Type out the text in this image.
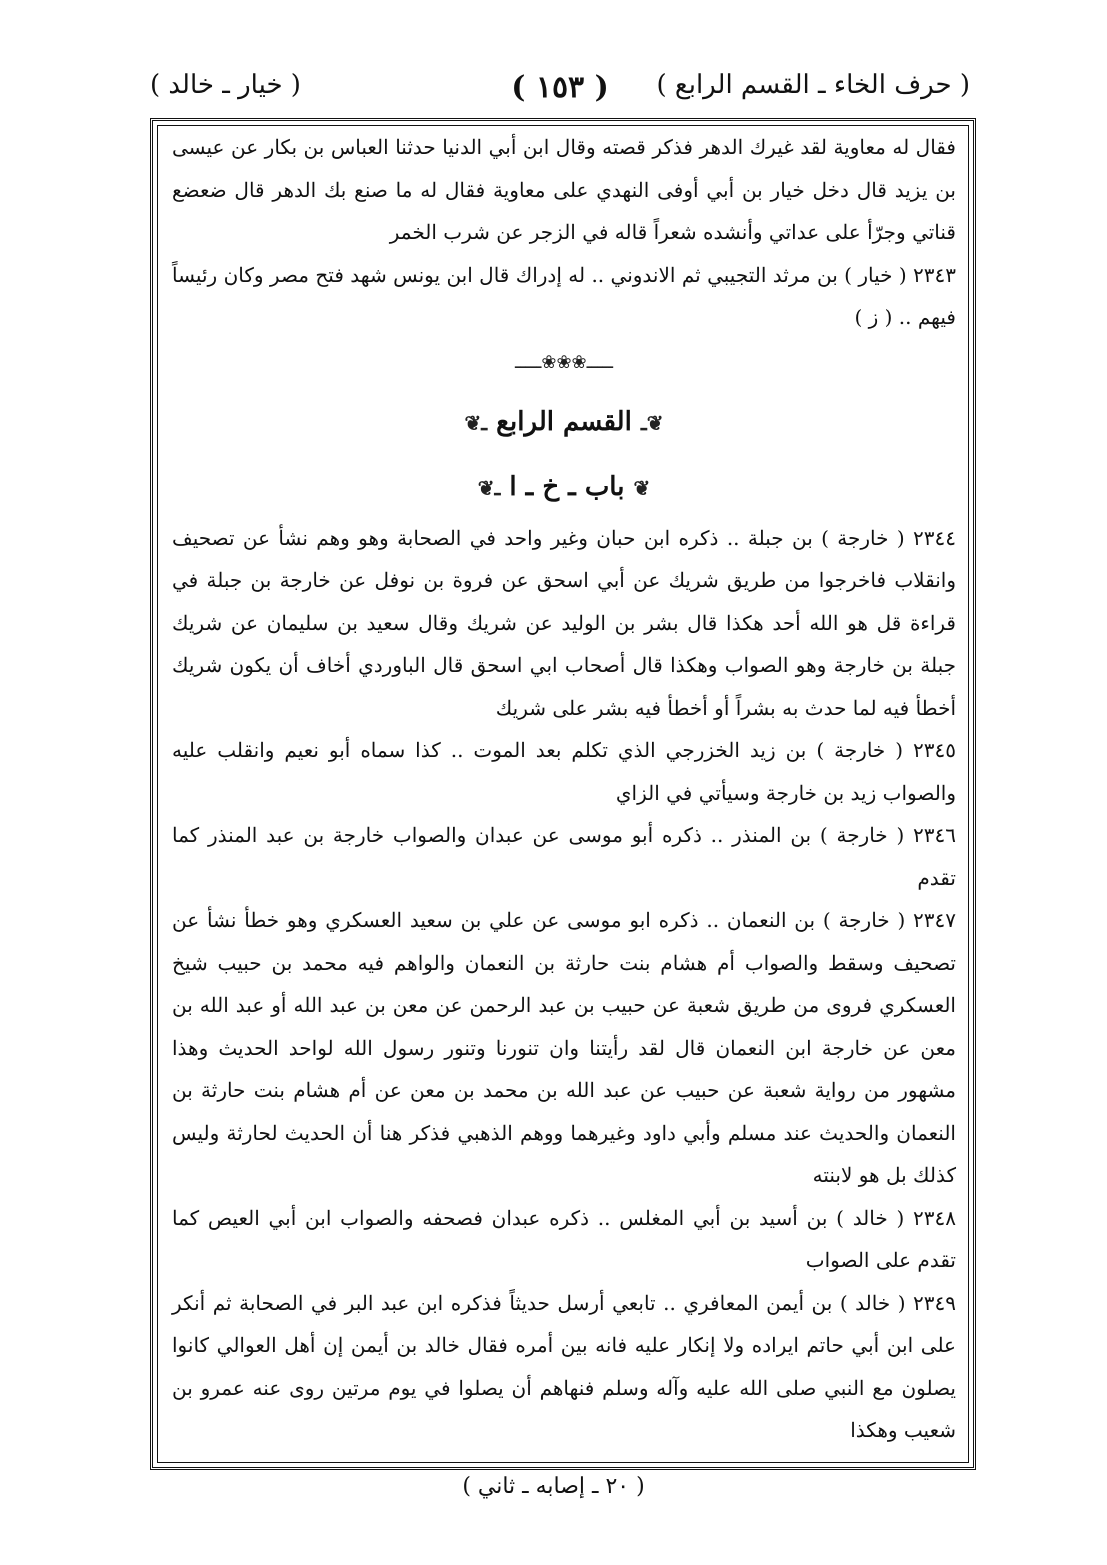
( حرف الخاء ـ القسم الرابع )
( ١٥٣ )
( خيار ـ خالد )

فقال له معاوية لقد غيرك الدهر فذكر قصته وقال ابن أبي الدنيا حدثنا العباس بن بكار عن عيسى بن يزيد قال دخل خيار بن أبي أوفى النهدي على معاوية فقال له ما صنع بك الدهر قال ضعضع قناتي وجرّأ على عداتي وأنشده شعراً قاله في الزجر عن شرب الخمر

٢٣٤٣ ( خيار ) بن مرثد التجيبي ثم الاندوني .. له إدراك قال ابن يونس شهد فتح مصر وكان رئيساً فيهم .. ( ز )

ـــــ❀❀❀ـــــ
❦ـ القسم الرابع ـ❦
❦ باب ـ خ ـ ا ـ❦

٢٣٤٤ ( خارجة ) بن جبلة .. ذكره ابن حبان وغير واحد في الصحابة وهو وهم نشأ عن تصحيف وانقلاب فاخرجوا من طريق شريك عن أبي اسحق عن فروة بن نوفل عن خارجة بن جبلة في قراءة قل هو الله أحد هكذا قال بشر بن الوليد عن شريك وقال سعيد بن سليمان عن شريك جبلة بن خارجة وهو الصواب وهكذا قال أصحاب ابي اسحق قال الباوردي أخاف أن يكون شريك أخطأ فيه لما حدث به بشراً أو أخطأ فيه بشر على شريك

٢٣٤٥ ( خارجة ) بن زيد الخزرجي الذي تكلم بعد الموت .. كذا سماه أبو نعيم وانقلب عليه والصواب زيد بن خارجة وسيأتي في الزاي

٢٣٤٦ ( خارجة ) بن المنذر .. ذكره أبو موسى عن عبدان والصواب خارجة بن عبد المنذر كما تقدم

٢٣٤٧ ( خارجة ) بن النعمان .. ذكره ابو موسى عن علي بن سعيد العسكري وهو خطأ نشأ عن تصحيف وسقط والصواب أم هشام بنت حارثة بن النعمان والواهم فيه محمد بن حبيب شيخ العسكري فروى من طريق شعبة عن حبيب بن عبد الرحمن عن معن بن عبد الله أو عبد الله بن معن عن خارجة ابن النعمان قال لقد رأيتنا وان تنورنا وتنور رسول الله لواحد الحديث وهذا مشهور من رواية شعبة عن حبيب عن عبد الله بن محمد بن معن عن أم هشام بنت حارثة بن النعمان والحديث عند مسلم وأبي داود وغيرهما ووهم الذهبي فذكر هنا أن الحديث لحارثة وليس كذلك بل هو لابنته

٢٣٤٨ ( خالد ) بن أسيد بن أبي المغلس .. ذكره عبدان فصحفه والصواب ابن أبي العيص كما تقدم على الصواب

٢٣٤٩ ( خالد ) بن أيمن المعافري .. تابعي أرسل حديثاً فذكره ابن عبد البر في الصحابة ثم أنكر على ابن أبي حاتم ايراده ولا إنكار عليه فانه بين أمره فقال خالد بن أيمن إن أهل العوالي كانوا يصلون مع النبي صلى الله عليه وآله وسلم فنهاهم أن يصلوا في يوم مرتين روى عنه عمرو بن شعيب وهكذا

( ٢٠ ـ إصابه ـ ثاني )
